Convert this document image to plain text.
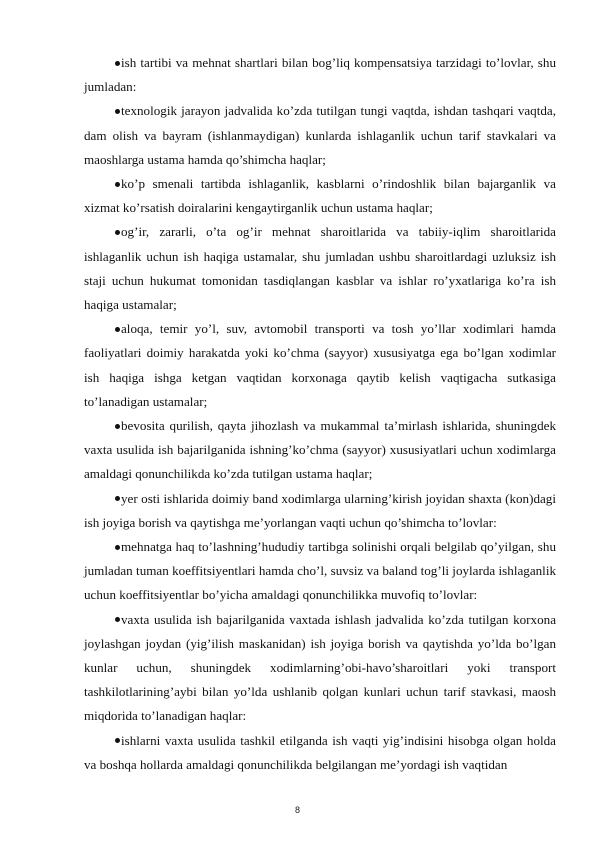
ish tartibi va mehnat shartlari bilan bog’liq kompensatsiya tarzidagi to’lovlar, shu jumladan:

texnologik jarayon jadvalida ko’zda tutilgan tungi vaqtda, ishdan tashqari vaqtda, dam olish va bayram (ishlanmaydigan) kunlarda ishlaganlik uchun tarif stavkalari va maoshlarga ustama hamda qo’shimcha haqlar;

ko’p smenali tartibda ishlaganlik, kasblarni o’rindoshlik bilan bajarganlik va xizmat ko’rsatish doiralarini kengaytirganlik uchun ustama haqlar;

og’ir, zararli, o’ta og’ir mehnat sharoitlarida va tabiiy-iqlim sharoitlarida ishlaganlik uchun ish haqiga ustamalar, shu jumladan ushbu sharoitlardagi uzluksiz ish staji uchun hukumat tomonidan tasdiqlangan kasblar va ishlar ro’yxatlariga ko’ra ish haqiga ustamalar;

aloqa, temir yo’l, suv, avtomobil transporti va tosh yo’llar xodimlari hamda faoliyatlari doimiy harakatda yoki ko’chma (sayyor) xususiyatga ega bo’lgan xodimlar ish haqiga ishga ketgan vaqtidan korxonaga qaytib kelish vaqtigacha sutkasiga to’lanadigan ustamalar;

bevosita qurilish, qayta jihozlash va mukammal ta’mirlash ishlarida, shuningdek vaxta usulida ish bajarilganida ishning’ko’chma (sayyor) xususiyatlari uchun xodimlarga amaldagi qonunchilikda ko’zda tutilgan ustama haqlar;

yer osti ishlarida doimiy band xodimlarga ularning’kirish joyidan shaxta (kon)dagi ish joyiga borish va qaytishga me’yorlangan vaqti uchun qo’shimcha to’lovlar:

mehnatga haq to’lashning’hududiy tartibga solinishi orqali belgilab qo’yilgan, shu jumladan tuman koeffitsiyentlari hamda cho’l, suvsiz va baland tog’li joylarda ishlaganlik uchun koeffitsiyentlar bo’yicha amaldagi qonunchilikka muvofiq to’lovlar:

vaxta usulida ish bajarilganida vaxtada ishlash jadvalida ko’zda tutilgan korxona joylashgan joydan (yig’ilish maskanidan) ish joyiga borish va qaytishda yo’lda bo’lgan kunlar uchun, shuningdek xodimlarning’obi-havo’sharoitlari yoki transport tashkilotlarining’aybi bilan yo’lda ushlanib qolgan kunlari uchun tarif stavkasi, maosh miqdorida to’lanadigan haqlar:

ishlarni vaxta usulida tashkil etilganda ish vaqti yig’indisini hisobga olgan holda va boshqa hollarda amaldagi qonunchilikda belgilangan me’yordagi ish vaqtidan

8
